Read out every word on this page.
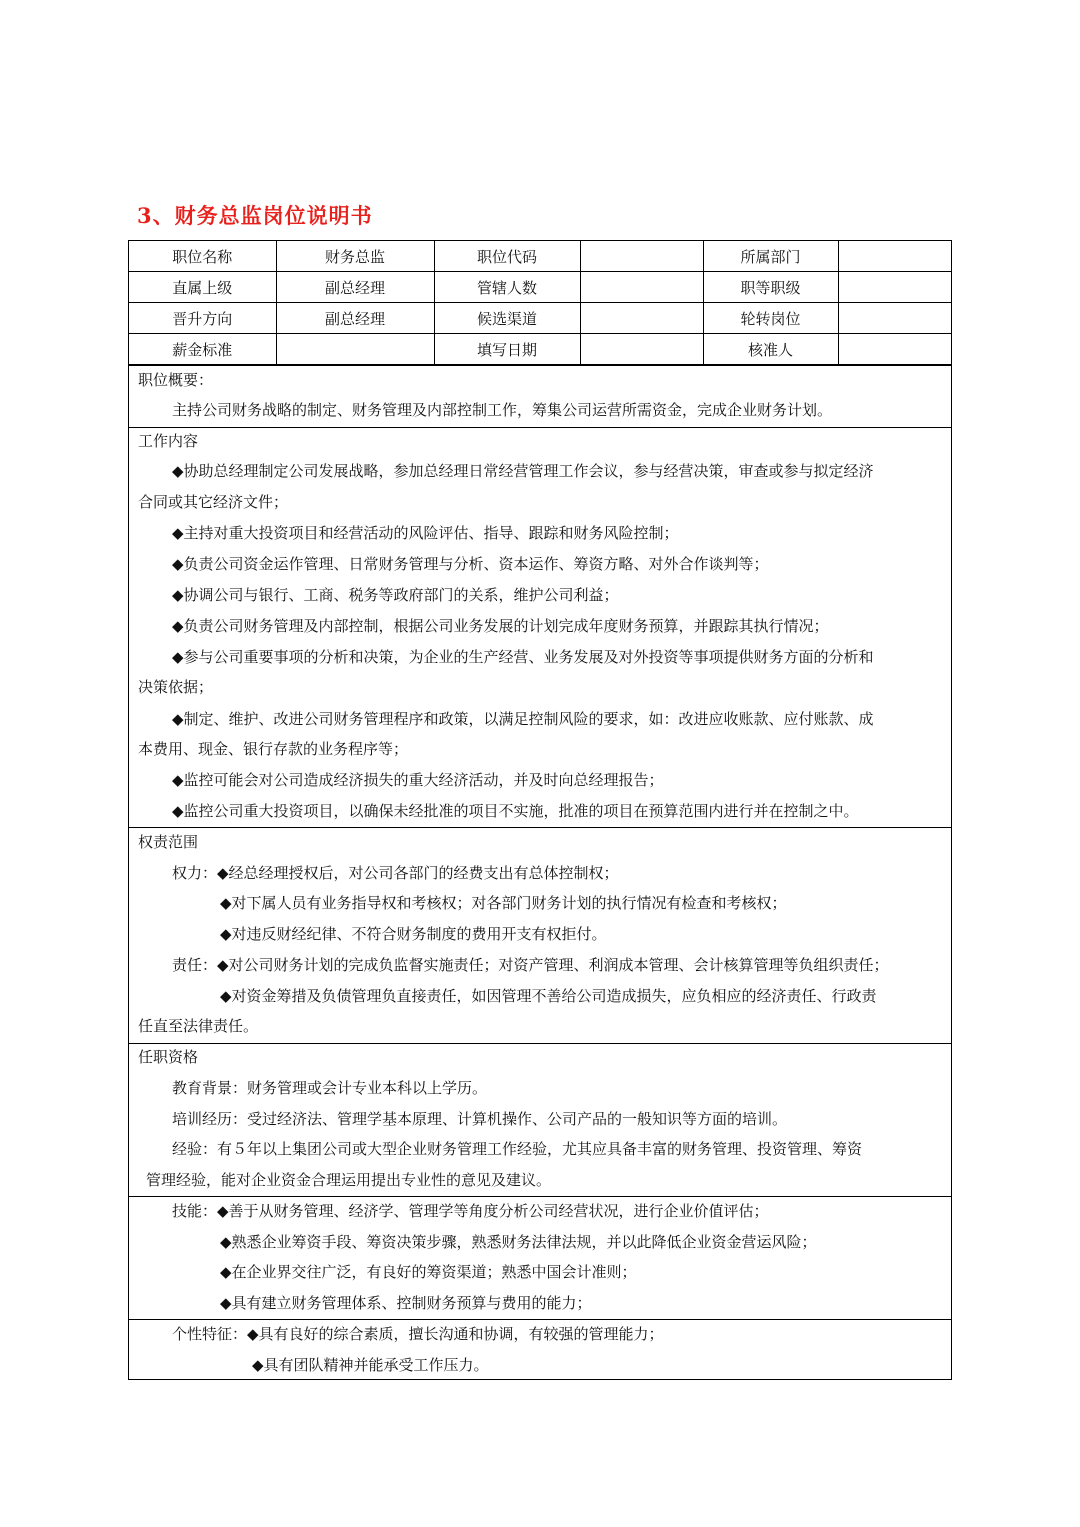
3、财务总监岗位说明书
职位名称	财务总监	职位代码		所属部门	
直属上级	副总经理	管辖人数		职等职级	
晋升方向	副总经理	候选渠道		轮转岗位	
薪金标准		填写日期		核准人	
职位概要：
主持公司财务战略的制定、财务管理及内部控制工作，筹集公司运营所需资金，完成企业财务计划。
工作内容
◆协助总经理制定公司发展战略，参加总经理日常经营管理工作会议，参与经营决策，审查或参与拟定经济
合同或其它经济文件；
◆主持对重大投资项目和经营活动的风险评估、指导、跟踪和财务风险控制；
◆负责公司资金运作管理、日常财务管理与分析、资本运作、筹资方略、对外合作谈判等；
◆协调公司与银行、工商、税务等政府部门的关系，维护公司利益；
◆负责公司财务管理及内部控制，根据公司业务发展的计划完成年度财务预算，并跟踪其执行情况；
◆参与公司重要事项的分析和决策，为企业的生产经营、业务发展及对外投资等事项提供财务方面的分析和
决策依据；
◆制定、维护、改进公司财务管理程序和政策，以满足控制风险的要求，如：改进应收账款、应付账款、成
本费用、现金、银行存款的业务程序等；
◆监控可能会对公司造成经济损失的重大经济活动，并及时向总经理报告；
◆监控公司重大投资项目，以确保未经批准的项目不实施，批准的项目在预算范围内进行并在控制之中。
权责范围
权力：◆经总经理授权后，对公司各部门的经费支出有总体控制权；
◆对下属人员有业务指导权和考核权；对各部门财务计划的执行情况有检查和考核权；
◆对违反财经纪律、不符合财务制度的费用开支有权拒付。
责任：◆对公司财务计划的完成负监督实施责任；对资产管理、利润成本管理、会计核算管理等负组织责任；
◆对资金筹措及负债管理负直接责任，如因管理不善给公司造成损失，应负相应的经济责任、行政责
任直至法律责任。
任职资格
教育背景：财务管理或会计专业本科以上学历。
培训经历：受过经济法、管理学基本原理、计算机操作、公司产品的一般知识等方面的培训。
经验：有５年以上集团公司或大型企业财务管理工作经验，尤其应具备丰富的财务管理、投资管理、筹资
管理经验，能对企业资金合理运用提出专业性的意见及建议。
技能：◆善于从财务管理、经济学、管理学等角度分析公司经营状况，进行企业价值评估；
◆熟悉企业筹资手段、筹资决策步骤，熟悉财务法律法规，并以此降低企业资金营运风险；
◆在企业界交往广泛，有良好的筹资渠道；熟悉中国会计准则；
◆具有建立财务管理体系、控制财务预算与费用的能力；
个性特征：◆具有良好的综合素质，擅长沟通和协调，有较强的管理能力；
◆具有团队精神并能承受工作压力。
